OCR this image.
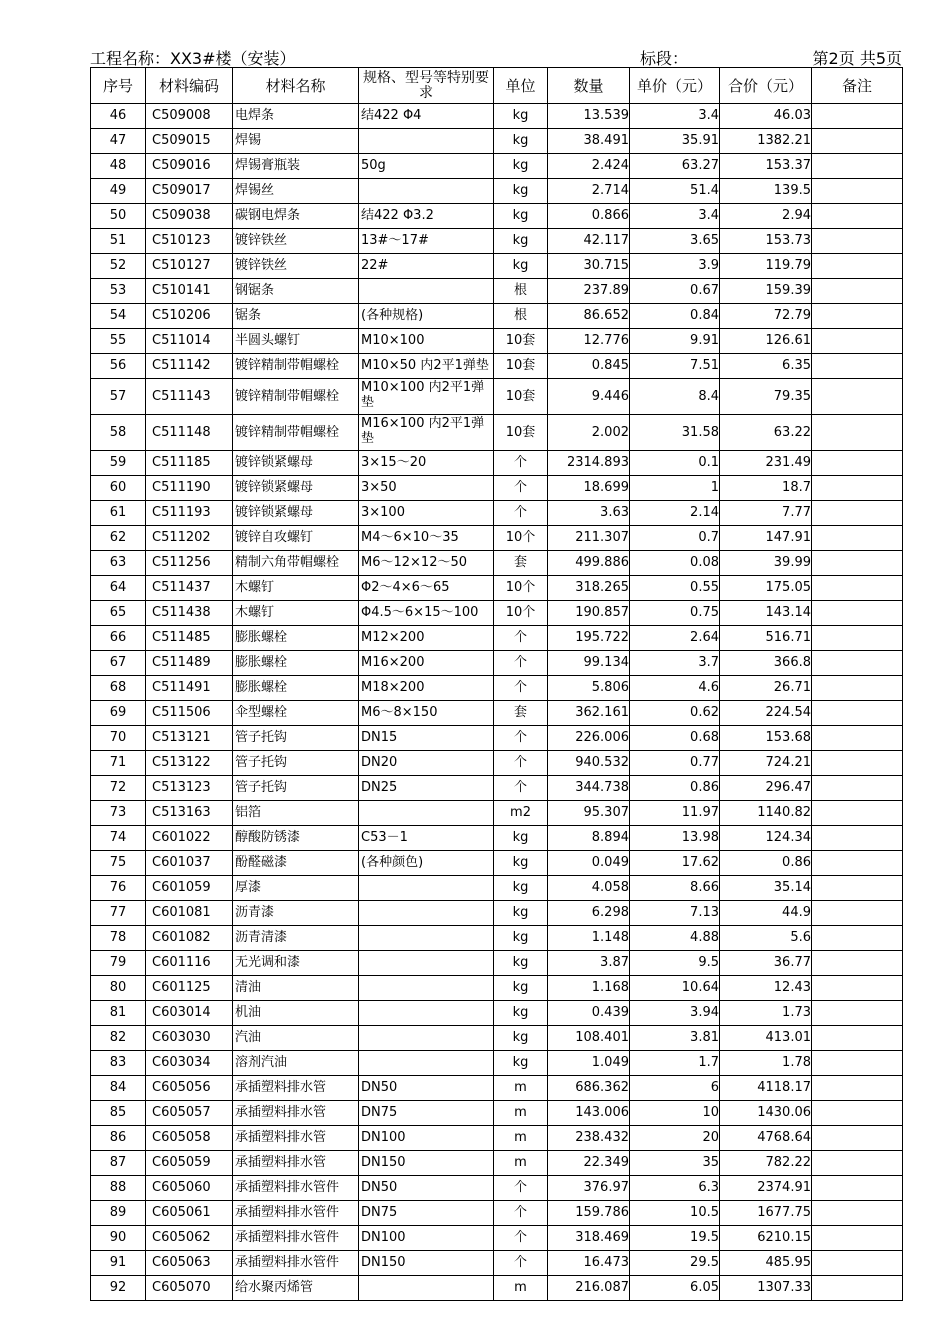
工程名称：XX3#楼（安装）	标段：	第2页 共5页
序号	材料编码	材料名称	规格、型号等特别要求	单位	数量	单价（元）	合价（元）	备注
46	C509008	电焊条	结422 Φ4	kg	13.539	3.4	46.03	
47	C509015	焊锡		kg	38.491	35.91	1382.21	
48	C509016	焊锡膏瓶装	50g	kg	2.424	63.27	153.37	
49	C509017	焊锡丝		kg	2.714	51.4	139.5	
50	C509038	碳钢电焊条	结422 Φ3.2	kg	0.866	3.4	2.94	
51	C510123	镀锌铁丝	13#～17#	kg	42.117	3.65	153.73	
52	C510127	镀锌铁丝	22#	kg	30.715	3.9	119.79	
53	C510141	钢锯条		根	237.89	0.67	159.39	
54	C510206	锯条	(各种规格)	根	86.652	0.84	72.79	
55	C511014	半圆头螺钉	M10×100	10套	12.776	9.91	126.61	
56	C511142	镀锌精制带帽螺栓	M10×50 内2平1弹垫	10套	0.845	7.51	6.35	
57	C511143	镀锌精制带帽螺栓	M10×100 内2平1弹垫	10套	9.446	8.4	79.35	
58	C511148	镀锌精制带帽螺栓	M16×100 内2平1弹垫	10套	2.002	31.58	63.22	
59	C511185	镀锌锁紧螺母	3×15～20	个	2314.893	0.1	231.49	
60	C511190	镀锌锁紧螺母	3×50	个	18.699	1	18.7	
61	C511193	镀锌锁紧螺母	3×100	个	3.63	2.14	7.77	
62	C511202	镀锌自攻螺钉	M4～6×10～35	10个	211.307	0.7	147.91	
63	C511256	精制六角带帽螺栓	M6～12×12～50	套	499.886	0.08	39.99	
64	C511437	木螺钉	Φ2～4×6～65	10个	318.265	0.55	175.05	
65	C511438	木螺钉	Φ4.5～6×15～100	10个	190.857	0.75	143.14	
66	C511485	膨胀螺栓	M12×200	个	195.722	2.64	516.71	
67	C511489	膨胀螺栓	M16×200	个	99.134	3.7	366.8	
68	C511491	膨胀螺栓	M18×200	个	5.806	4.6	26.71	
69	C511506	伞型螺栓	M6～8×150	套	362.161	0.62	224.54	
70	C513121	管子托钩	DN15	个	226.006	0.68	153.68	
71	C513122	管子托钩	DN20	个	940.532	0.77	724.21	
72	C513123	管子托钩	DN25	个	344.738	0.86	296.47	
73	C513163	铝箔		m2	95.307	11.97	1140.82	
74	C601022	醇酸防锈漆	C53－1	kg	8.894	13.98	124.34	
75	C601037	酚醛磁漆	(各种颜色)	kg	0.049	17.62	0.86	
76	C601059	厚漆		kg	4.058	8.66	35.14	
77	C601081	沥青漆		kg	6.298	7.13	44.9	
78	C601082	沥青清漆		kg	1.148	4.88	5.6	
79	C601116	无光调和漆		kg	3.87	9.5	36.77	
80	C601125	清油		kg	1.168	10.64	12.43	
81	C603014	机油		kg	0.439	3.94	1.73	
82	C603030	汽油		kg	108.401	3.81	413.01	
83	C603034	溶剂汽油		kg	1.049	1.7	1.78	
84	C605056	承插塑料排水管	DN50	m	686.362	6	4118.17	
85	C605057	承插塑料排水管	DN75	m	143.006	10	1430.06	
86	C605058	承插塑料排水管	DN100	m	238.432	20	4768.64	
87	C605059	承插塑料排水管	DN150	m	22.349	35	782.22	
88	C605060	承插塑料排水管件	DN50	个	376.97	6.3	2374.91	
89	C605061	承插塑料排水管件	DN75	个	159.786	10.5	1677.75	
90	C605062	承插塑料排水管件	DN100	个	318.469	19.5	6210.15	
91	C605063	承插塑料排水管件	DN150	个	16.473	29.5	485.95	
92	C605070	给水聚丙烯管		m	216.087	6.05	1307.33	
